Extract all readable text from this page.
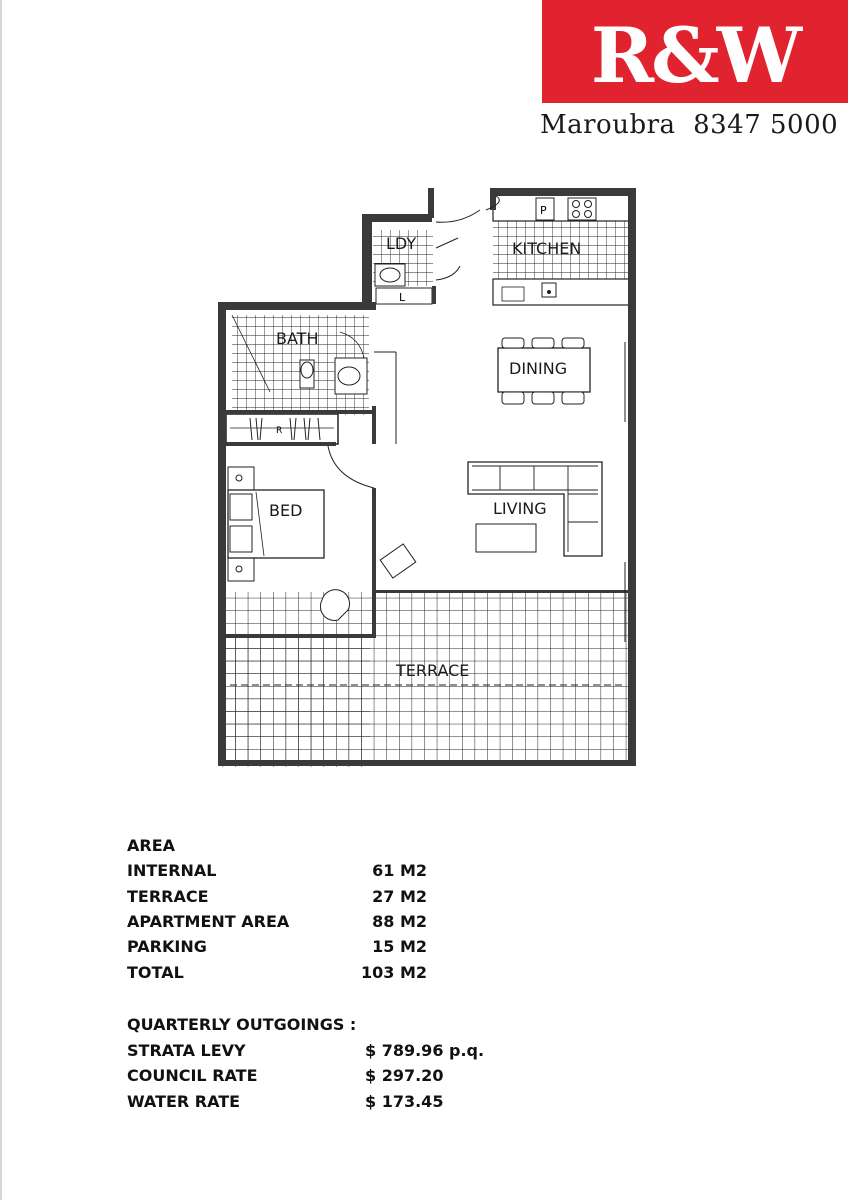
R&W
Maroubra 8347 5000
P
L
R
LDY	KITCHEN
BATH
DINING
BED	LIVING
TERRACE
AREA
INTERNAL	61 M2
TERRACE	27 M2
APARTMENT AREA	88 M2
PARKING	15 M2
TOTAL	103 M2
QUARTERLY OUTGOINGS :
STRATA LEVY	$ 789.96 p.q.
COUNCIL RATE	$ 297.20
WATER RATE	$ 173.45
